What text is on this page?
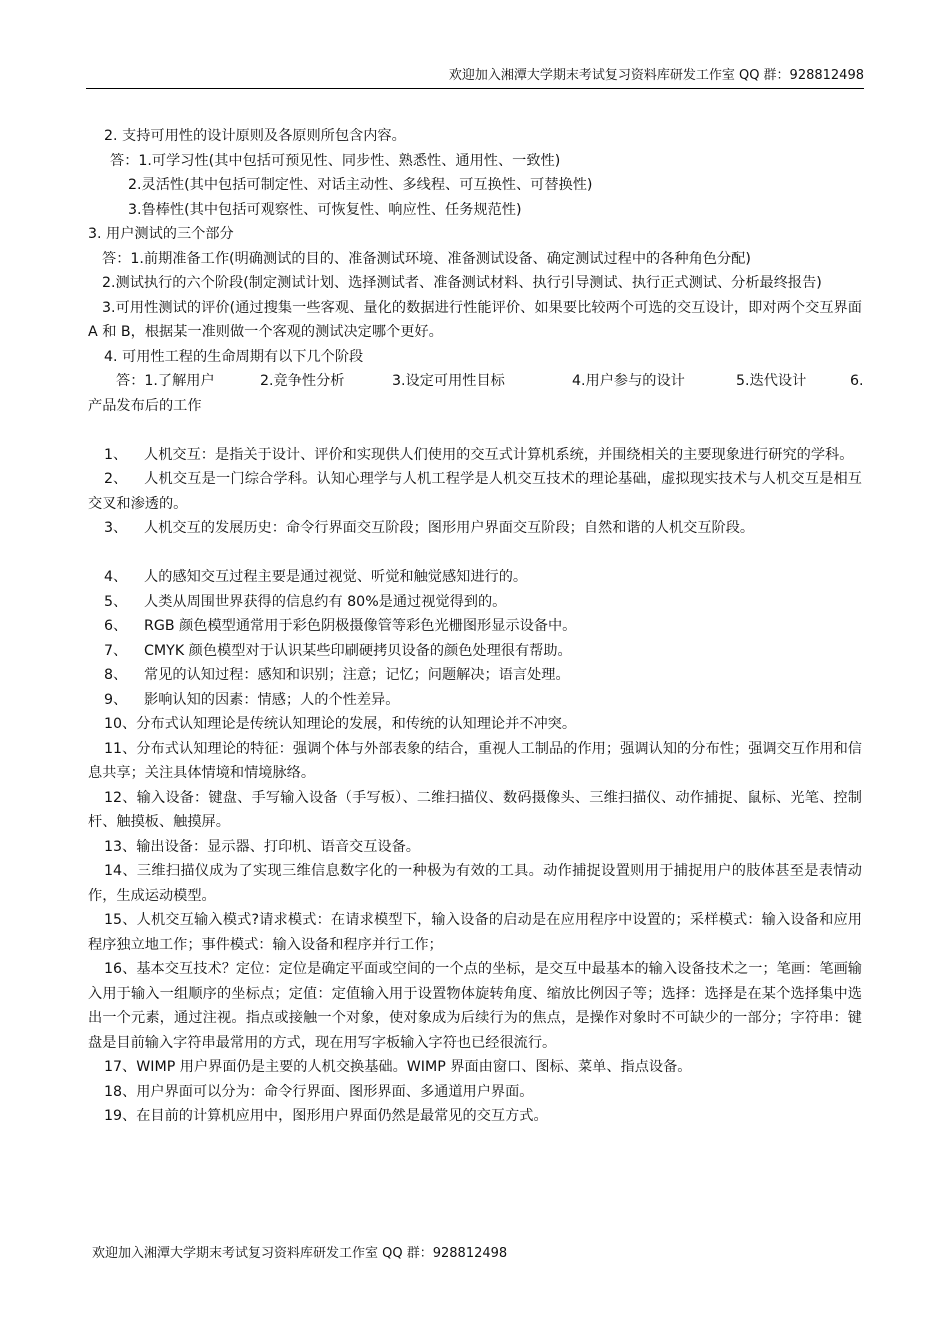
欢迎加入湘潭大学期末考试复习资料库研发工作室 QQ 群：928812498

2. 支持可用性的设计原则及各原则所包含内容。

答：1.可学习性(其中包括可预见性、同步性、熟悉性、通用性、一致性)

2.灵活性(其中包括可制定性、对话主动性、多线程、可互换性、可替换性)

3.鲁棒性(其中包括可观察性、可恢复性、响应性、任务规范性)

3. 用户测试的三个部分

答：1.前期准备工作(明确测试的目的、准备测试环境、准备测试设备、确定测试过程中的各种角色分配)

2.测试执行的六个阶段(制定测试计划、选择测试者、准备测试材料、执行引导测试、执行正式测试、分析最终报告)

3.可用性测试的评价(通过搜集一些客观、量化的数据进行性能评价、如果要比较两个可选的交互设计，即对两个交互界面 A 和 B，根据某一准则做一个客观的测试决定哪个更好。

4. 可用性工程的生命周期有以下几个阶段

答：1.了解用户	2.竞争性分析	3.设定可用性目标	4.用户参与的设计	5.迭代设计	6.

产品发布后的工作

1、 人机交互：是指关于设计、评价和实现供人们使用的交互式计算机系统，并围绕相关的主要现象进行研究的学科。

2、 人机交互是一门综合学科。认知心理学与人机工程学是人机交互技术的理论基础，虚拟现实技术与人机交互是相互交叉和渗透的。

3、 人机交互的发展历史：命令行界面交互阶段；图形用户界面交互阶段；自然和谐的人机交互阶段。

4、 人的感知交互过程主要是通过视觉、听觉和触觉感知进行的。

5、 人类从周围世界获得的信息约有 80%是通过视觉得到的。

6、 RGB 颜色模型通常用于彩色阴极摄像管等彩色光栅图形显示设备中。

7、 CMYK 颜色模型对于认识某些印刷硬拷贝设备的颜色处理很有帮助。

8、 常见的认知过程：感知和识别；注意；记忆；问题解决；语言处理。

9、 影响认知的因素：情感；人的个性差异。

10、分布式认知理论是传统认知理论的发展，和传统的认知理论并不冲突。

11、分布式认知理论的特征：强调个体与外部表象的结合，重视人工制品的作用；强调认知的分布性；强调交互作用和信息共享；关注具体情境和情境脉络。

12、输入设备：键盘、手写输入设备（手写板）、二维扫描仪、数码摄像头、三维扫描仪、动作捕捉、鼠标、光笔、控制杆、触摸板、触摸屏。

13、输出设备：显示器、打印机、语音交互设备。

14、三维扫描仪成为了实现三维信息数字化的一种极为有效的工具。动作捕捉设置则用于捕捉用户的肢体甚至是表情动作，生成运动模型。

15、人机交互输入模式?请求模式：在请求模型下，输入设备的启动是在应用程序中设置的；采样模式：输入设备和应用程序独立地工作；事件模式：输入设备和程序并行工作；

16、基本交互技术？定位：定位是确定平面或空间的一个点的坐标，是交互中最基本的输入设备技术之一；笔画：笔画输入用于输入一组顺序的坐标点；定值：定值输入用于设置物体旋转角度、缩放比例因子等；选择：选择是在某个选择集中选出一个元素，通过注视。指点或接触一个对象，使对象成为后续行为的焦点，是操作对象时不可缺少的一部分；字符串：键盘是目前输入字符串最常用的方式，现在用写字板输入字符也已经很流行。

17、WIMP 用户界面仍是主要的人机交换基础。WIMP 界面由窗口、图标、菜单、指点设备。

18、用户界面可以分为：命令行界面、图形界面、多通道用户界面。

19、在目前的计算机应用中，图形用户界面仍然是最常见的交互方式。

欢迎加入湘潭大学期末考试复习资料库研发工作室 QQ 群：928812498
